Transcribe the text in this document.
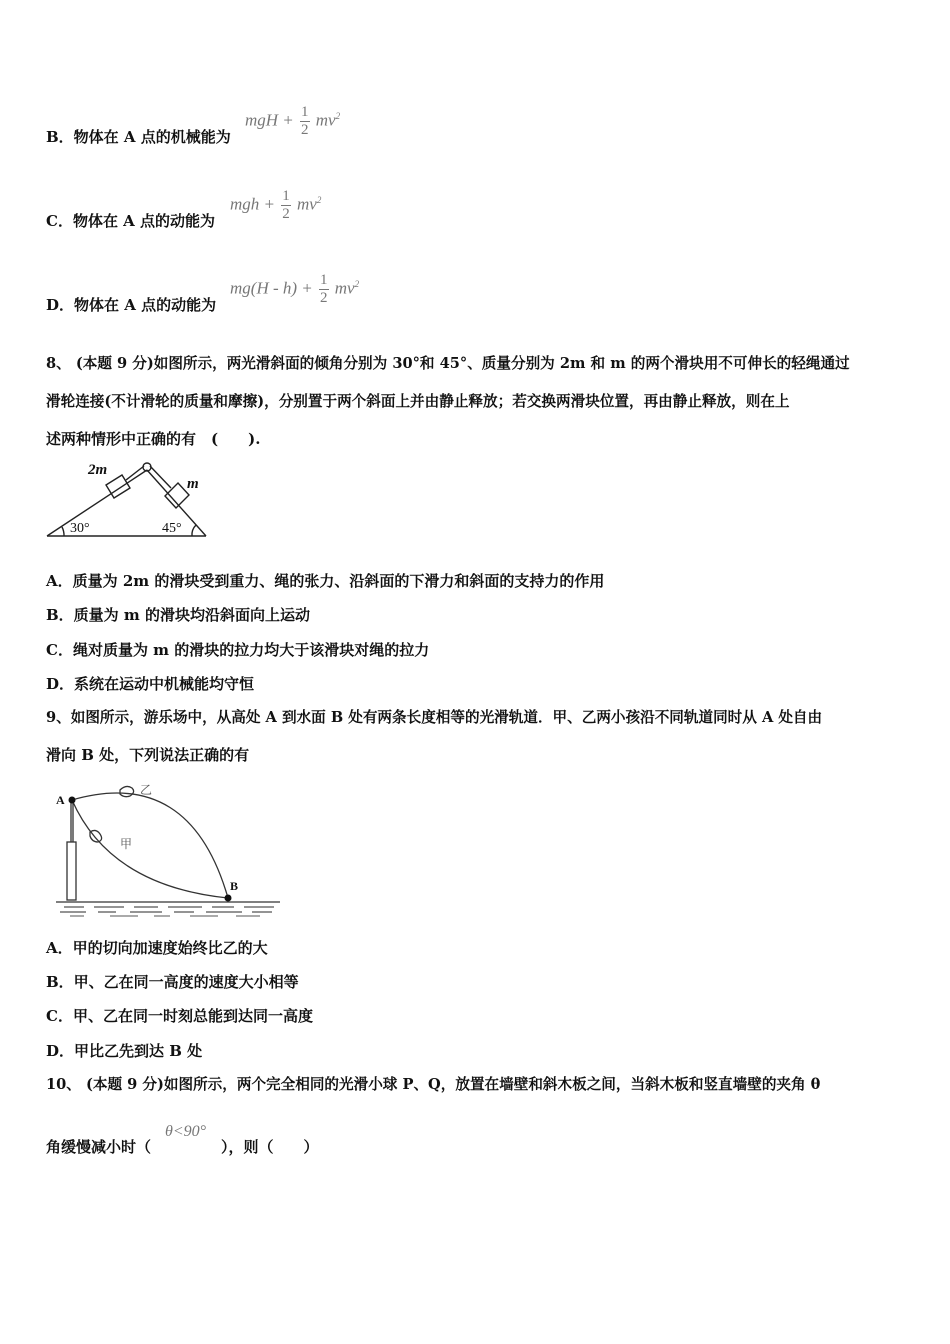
B．物体在 A 点的机械能为
mgH + $\frac{1}{2} mv^2$
C．物体在 A 点的动能为
mgh + $\frac{1}{2} mv^2$
D．物体在 A 点的动能为
$mg(H - h) + \frac{1}{2} mv^2$
8、 (本题 9 分)如图所示，两光滑斜面的倾角分别为 30°和 45°、质量分别为 2m 和 m 的两个滑块用不可伸长的轻绳通过
滑轮连接(不计滑轮的质量和摩擦)，分别置于两个斜面上并由静止释放；若交换两滑块位置，再由静止释放，则在上
述两种情形中正确的有　(　　).
2m
m
30°	45°
A．质量为 2m 的滑块受到重力、绳的张力、沿斜面的下滑力和斜面的支持力的作用
B．质量为 m 的滑块均沿斜面向上运动
C．绳对质量为 m 的滑块的拉力均大于该滑块对绳的拉力
D．系统在运动中机械能均守恒
9、如图所示，游乐场中，从高处 A 到水面 B 处有两条长度相等的光滑轨道．甲、乙两小孩沿不同轨道同时从 A 处自由
滑向 B 处，下列说法正确的有
A
B
乙
甲
A．甲的切向加速度始终比乙的大
B．甲、乙在同一高度的速度大小相等
C．甲、乙在同一时刻总能到达同一高度
D．甲比乙先到达 B 处
10、 (本题 9 分)如图所示，两个完全相同的光滑小球 P、Q，放置在墙壁和斜木板之间，当斜木板和竖直墙壁的夹角 θ
角缓慢减小时（	），则（　　）
θ<90°
